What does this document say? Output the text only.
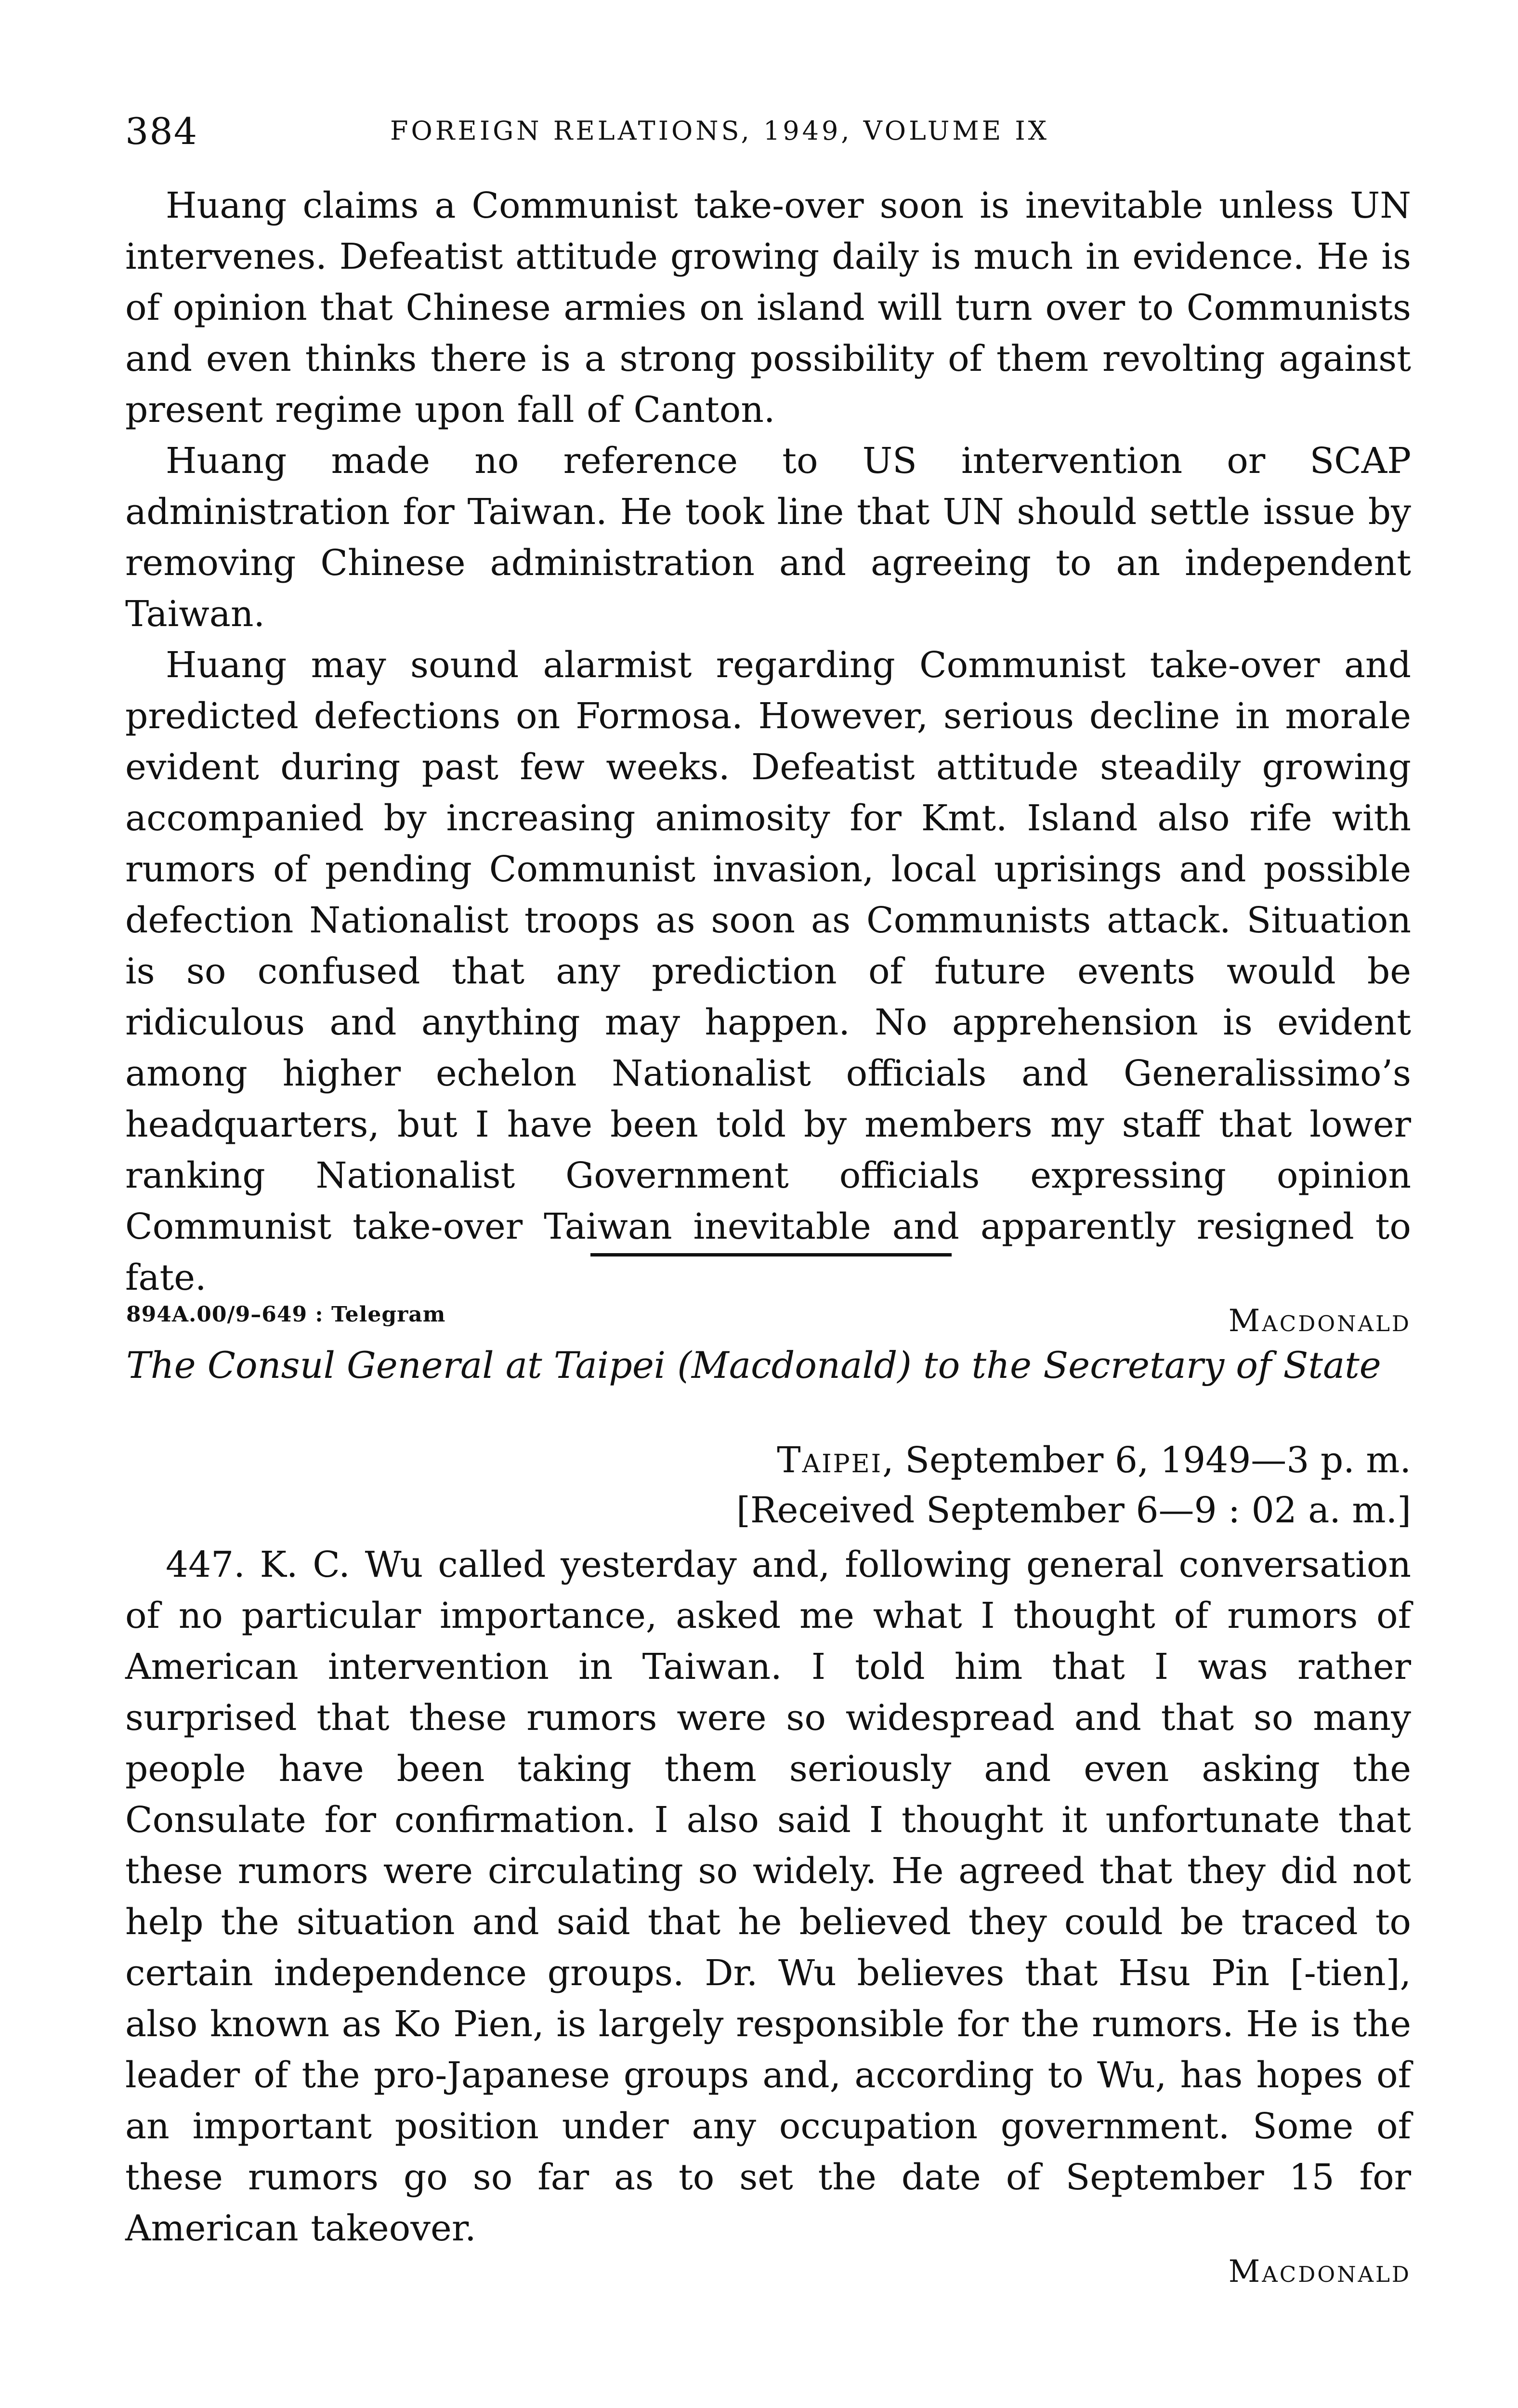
384	FOREIGN RELATIONS, 1949, VOLUME IX

Huang claims a Communist take-over soon is inevitable unless UN intervenes. Defeatist attitude growing daily is much in evidence. He is of opinion that Chinese armies on island will turn over to Communists and even thinks there is a strong possibility of them revolting against present regime upon fall of Canton.

Huang made no reference to US intervention or SCAP administration for Taiwan. He took line that UN should settle issue by removing Chinese administration and agreeing to an independent Taiwan.

Huang may sound alarmist regarding Communist take-over and predicted defections on Formosa. However, serious decline in morale evident during past few weeks. Defeatist attitude steadily growing accompanied by increasing animosity for Kmt. Island also rife with rumors of pending Communist invasion, local uprisings and possible defection Nationalist troops as soon as Communists attack. Situation is so confused that any prediction of future events would be ridiculous and anything may happen. No apprehension is evident among higher echelon Nationalist officials and Generalissimo’s headquarters, but I have been told by members my staff that lower ranking Nationalist Government officials expressing opinion Communist take-over Taiwan inevitable and apparently resigned to fate.

Macdonald

894A.00/9–649 : Telegram
The Consul General at Taipei (Macdonald) to the Secretary of State
Taipei, September 6, 1949—3 p. m.
[Received September 6—9 : 02 a. m.]

447. K. C. Wu called yesterday and, following general conversation of no particular importance, asked me what I thought of rumors of American intervention in Taiwan. I told him that I was rather surprised that these rumors were so widespread and that so many people have been taking them seriously and even asking the Consulate for confirmation. I also said I thought it unfortunate that these rumors were circulating so widely. He agreed that they did not help the situation and said that he believed they could be traced to certain independence groups. Dr. Wu believes that Hsu Pin [-tien], also known as Ko Pien, is largely responsible for the rumors. He is the leader of the pro-Japanese groups and, according to Wu, has hopes of an important position under any occupation government. Some of these rumors go so far as to set the date of September 15 for American takeover.

Macdonald
